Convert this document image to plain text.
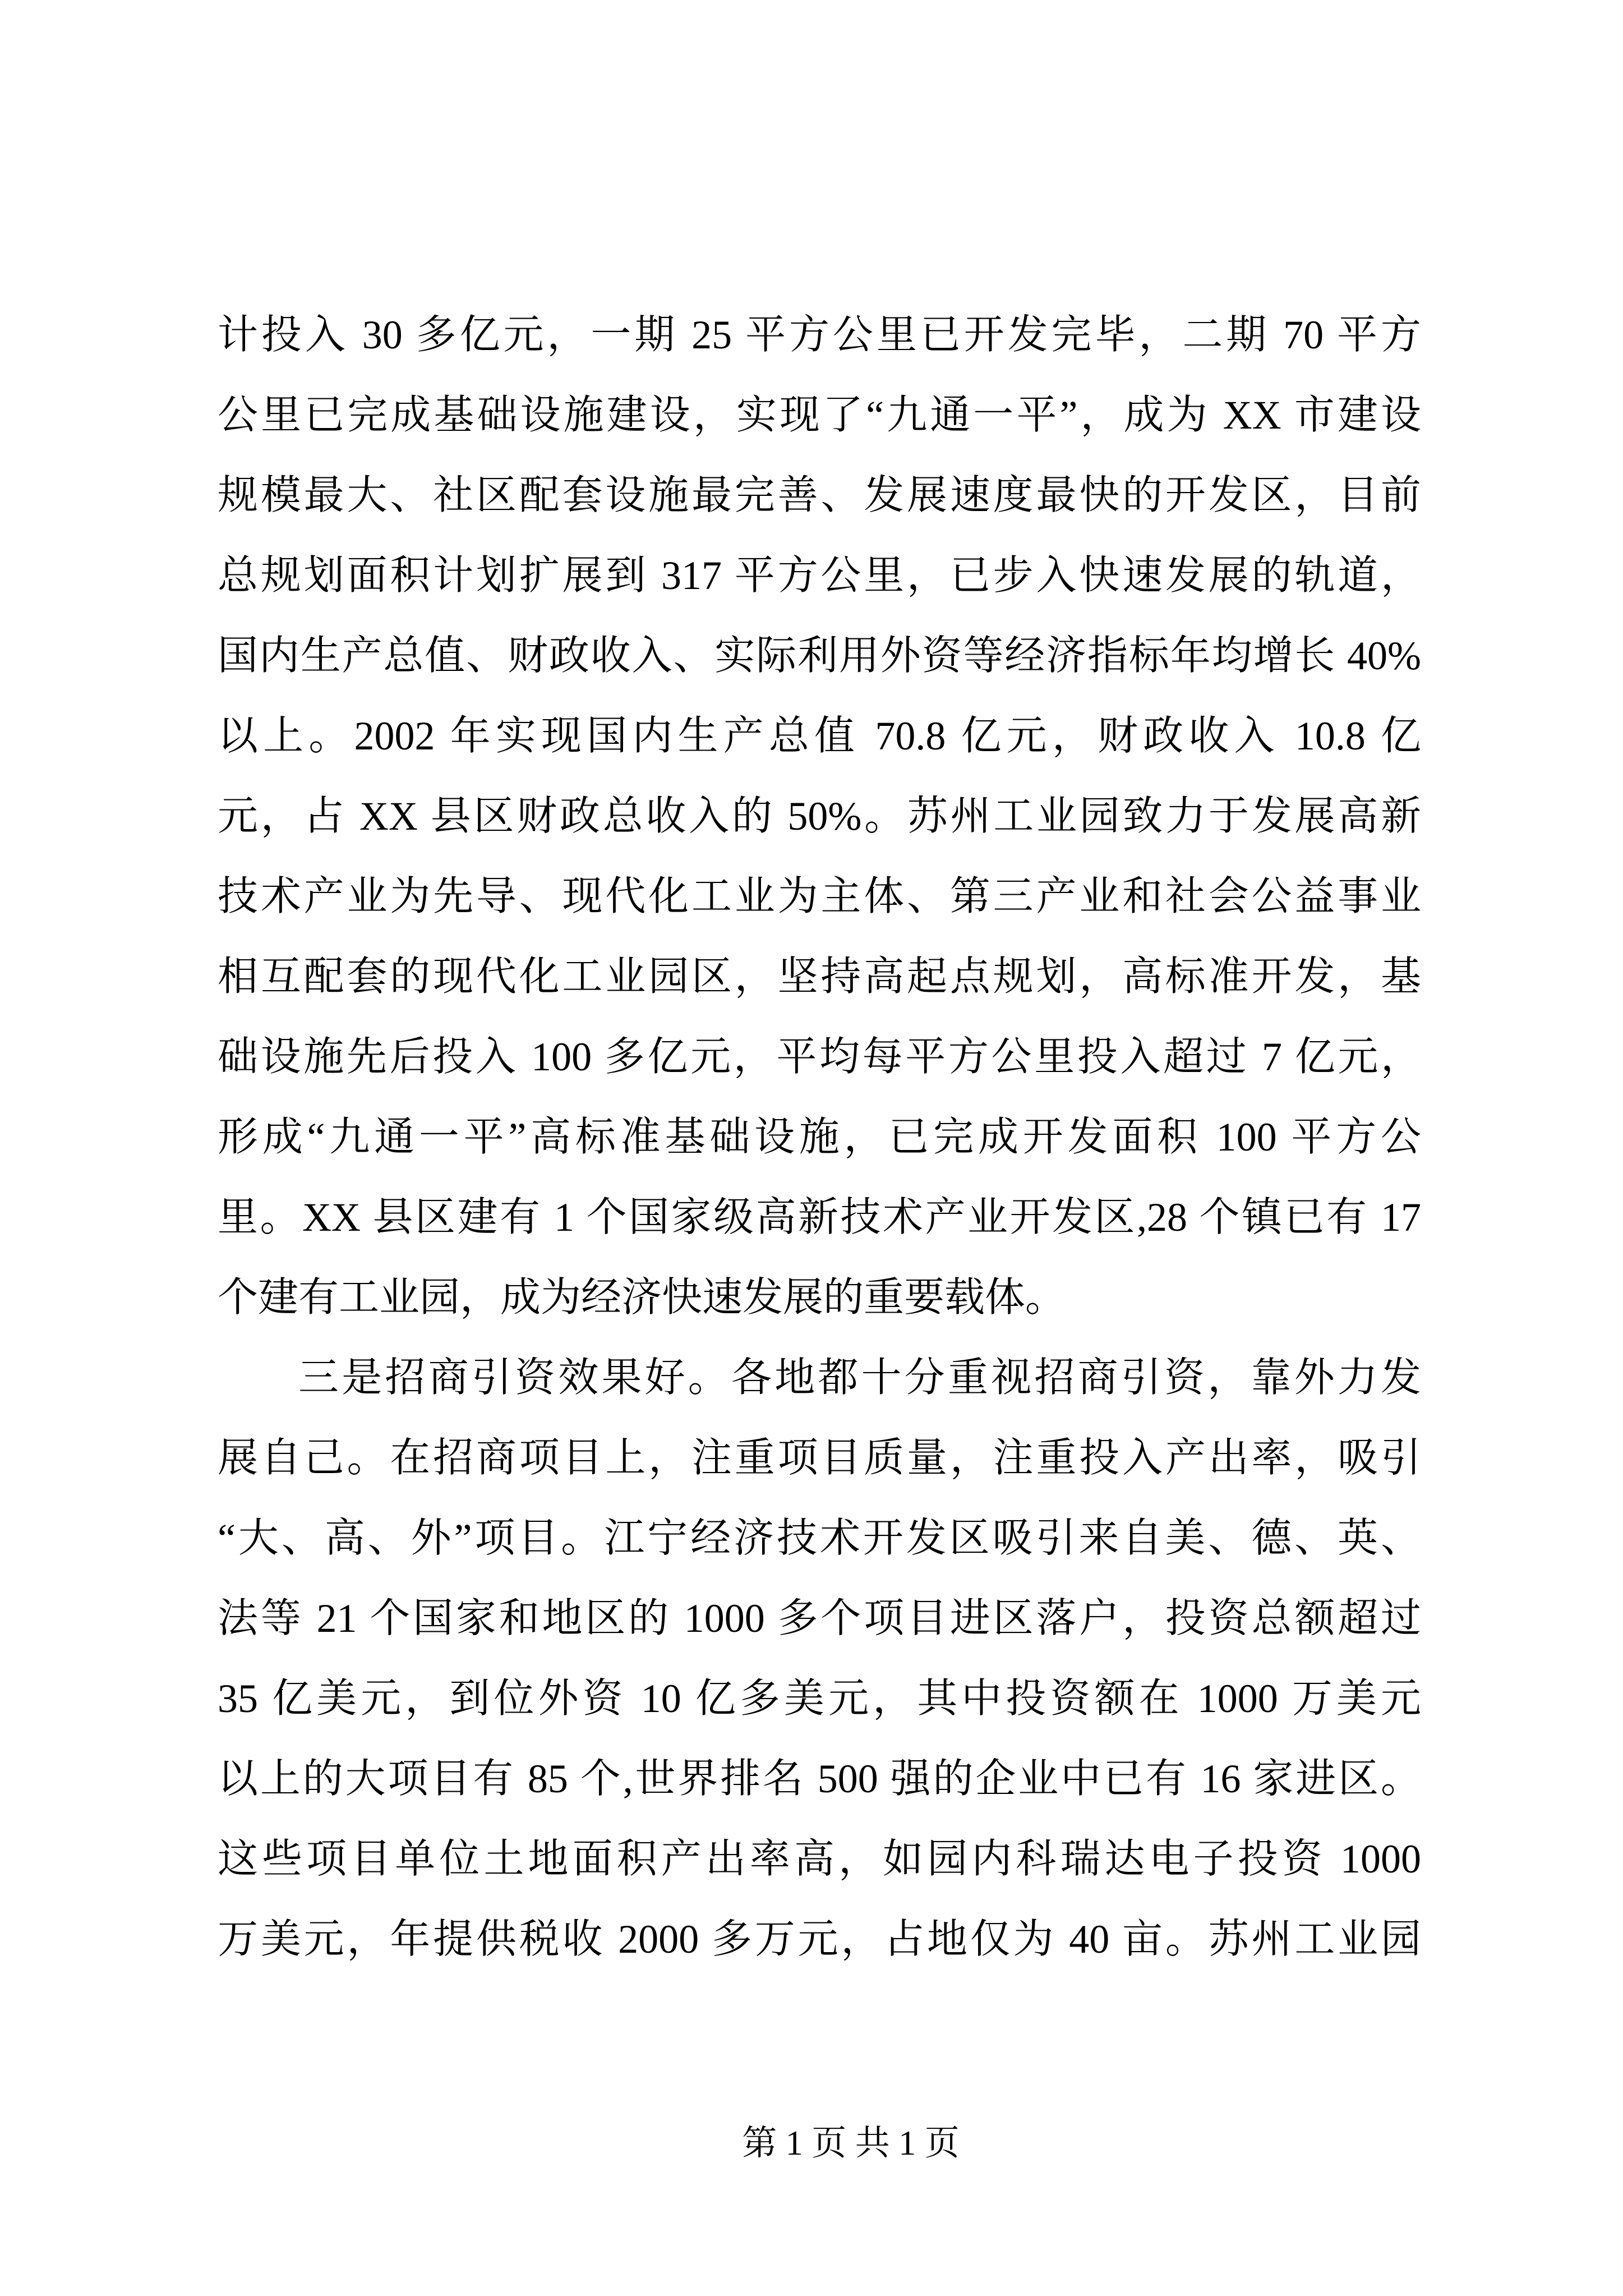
计投入 30 多亿元，一期 25 平方公里已开发完毕，二期 70 平方
公里已完成基础设施建设，实现了“九通一平”，成为 XX 市建设
规模最大、社区配套设施最完善、发展速度最快的开发区，目前
总规划面积计划扩展到 317 平方公里，已步入快速发展的轨道，
国内生产总值、财政收入、实际利用外资等经济指标年均增长 40%
以上。2002 年实现国内生产总值 70.8 亿元，财政收入 10.8 亿
元，占 XX 县区财政总收入的 50%。苏州工业园致力于发展高新
技术产业为先导、现代化工业为主体、第三产业和社会公益事业
相互配套的现代化工业园区，坚持高起点规划，高标准开发，基
础设施先后投入 100 多亿元，平均每平方公里投入超过 7 亿元，
形成“九通一平”高标准基础设施，已完成开发面积 100 平方公
里。XX 县区建有 1 个国家级高新技术产业开发区,28 个镇已有 17
个建有工业园，成为经济快速发展的重要载体。
三是招商引资效果好。各地都十分重视招商引资，靠外力发
展自己。在招商项目上，注重项目质量，注重投入产出率，吸引
“大、高、外”项目。江宁经济技术开发区吸引来自美、德、英、
法等 21 个国家和地区的 1000 多个项目进区落户，投资总额超过
35 亿美元，到位外资 10 亿多美元，其中投资额在 1000 万美元
以上的大项目有 85 个,世界排名 500 强的企业中已有 16 家进区。
这些项目单位土地面积产出率高，如园内科瑞达电子投资 1000
万美元，年提供税收 2000 多万元，占地仅为 40 亩。苏州工业园
第 1 页 共 1 页
